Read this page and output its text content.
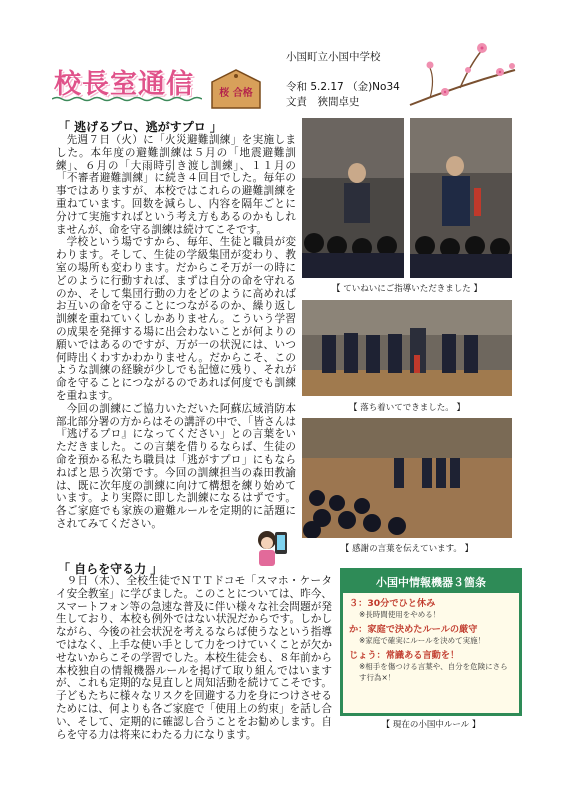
校長室通信	桜 合格
小国町立小国中学校
令和 5.2.17 （金)No34
文責　狹間卓史
「 逃げるプロ、逃がすプロ 」

先週７日（火）に「火災避難訓練」を実施しました。本年度の避難訓練は５月の「地震避難訓練」、６月の「大雨時引き渡し訓練」、１１月の「不審者避難訓練」に続き４回目でした。毎年の事ではありますが、本校ではこれらの避難訓練を重ねています。回数を減らし、内容を隔年ごとに分けて実施すればという考え方もあるのかもしれませんが、命を守る訓練は続けてこそです。

学校という場ですから、毎年、生徒と職員が変わります。そして、生徒の学級集団が変わり、教室の場所も変わります。だからこそ万が一の時にどのように行動すれば、まずは自分の命を守れるのか、そして集団行動の力をどのように高めればお互いの命を守ることにつながるのか、繰り返し訓練を重ねていくしかありません。こういう学習の成果を発揮する場に出会わないことが何よりの願いではあるのですが、万が一の状況には、いつ何時出くわすかわかりません。だからこそ、このような訓練の経験が少しでも記憶に残り、それが命を守ることにつながるのであれば何度でも訓練を重ねます。

今回の訓練にご協力いただいた阿蘇広域消防本部北部分署の方からはその講評の中で、「皆さんは『逃げるプロ』になってください」との言葉をいただきました。この言葉を借りるならば、生徒の命を預かる私たち職員は「逃がすプロ」にもならねばと思う次第です。今回の訓練担当の森田教諭は、既に次年度の訓練に向けて構想を練り始めています。より実際に即した訓練になるはずです。各ご家庭でも家族の避難ルールを定期的に話題にされてみてください。

【 ていねいにご指導いただきました 】
【 落ち着いてできました。 】
【 感謝の言葉を伝えています。 】
「 自らを守る力 」

９日（木）、全校生徒でＮＴＴドコモ「スマホ・ケータイ安全教室」に学びました。このことについては、昨今、スマートフォン等の急速な普及に伴い様々な社会問題が発生しており、本校も例外ではない状況だからです。しかしながら、今後の社会状況を考えるならば使うなという指導ではなく、上手な使い手として力をつけていくことが欠かせないからこその学習でした。本校生徒会も、８年前から本校独自の情報機器ルールを掲げて取り組んではいますが、これも定期的な見直しと周知活動を続けてこそです。子どもたちに様々なリスクを回避する力を身につけさせるためには、何よりも各ご家庭で「使用上の約束」を話し合い、そして、定期的に確認し合うことをお勧めします。自らを守る力は将来にわたる力になります。

小国中情報機器３箇条
３：30分でひと休み
※長時間使用をやめる！
か：家庭で決めたルールの厳守
※家庭で確実にルールを決めて実施！
じょう：常識ある言動を！
※相手を傷つける言葉や、自分を危険にさらす行為×！
【 現在の小国中ルール 】
